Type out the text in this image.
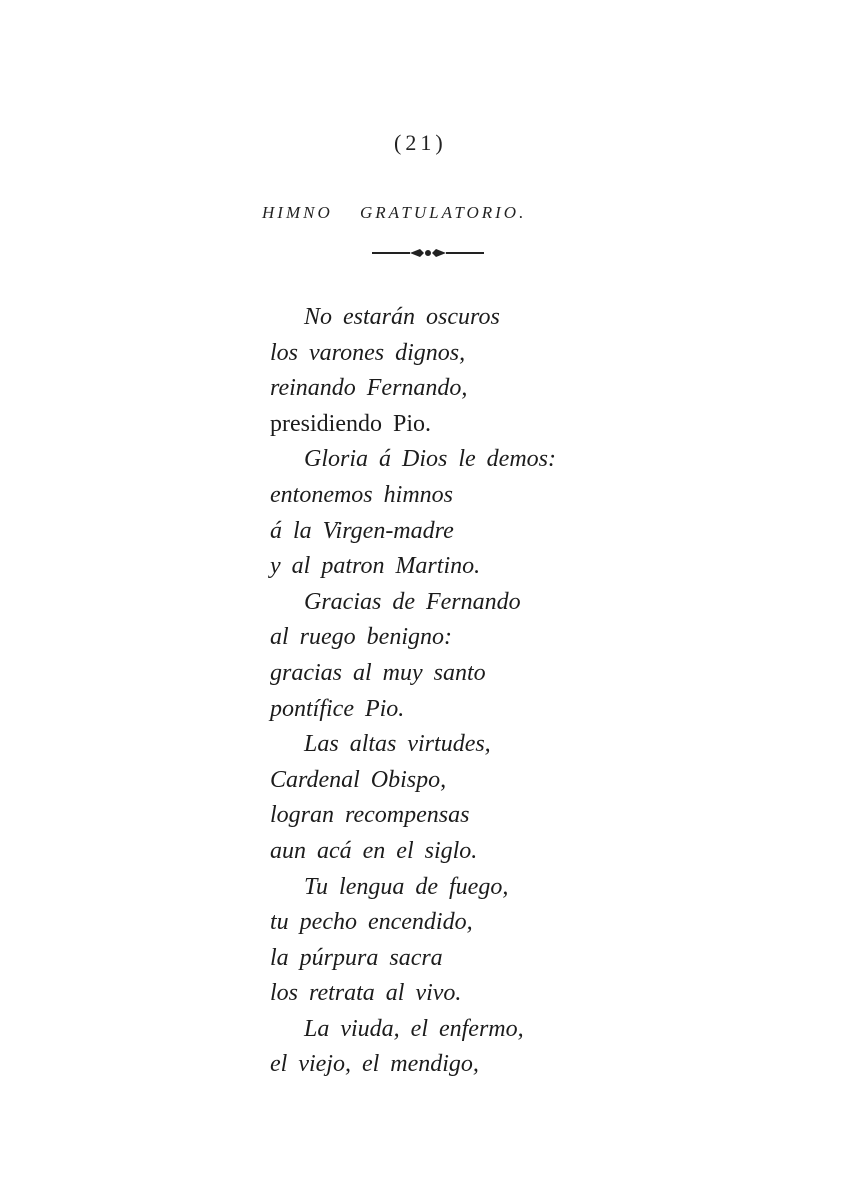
(21)
HIMNO GRATULATORIO.
No estarán oscuros
los varones dignos,
reinando Fernando,
presidiendo Pio.
Gloria á Dios le demos:
entonemos himnos
á la Virgen-madre
y al patron Martino.
Gracias de Fernando
al ruego benigno:
gracias al muy santo
pontífice Pio.
Las altas virtudes,
Cardenal Obispo,
logran recompensas
aun acá en el siglo.
Tu lengua de fuego,
tu pecho encendido,
la púrpura sacra
los retrata al vivo.
La viuda, el enfermo,
el viejo, el mendigo,
